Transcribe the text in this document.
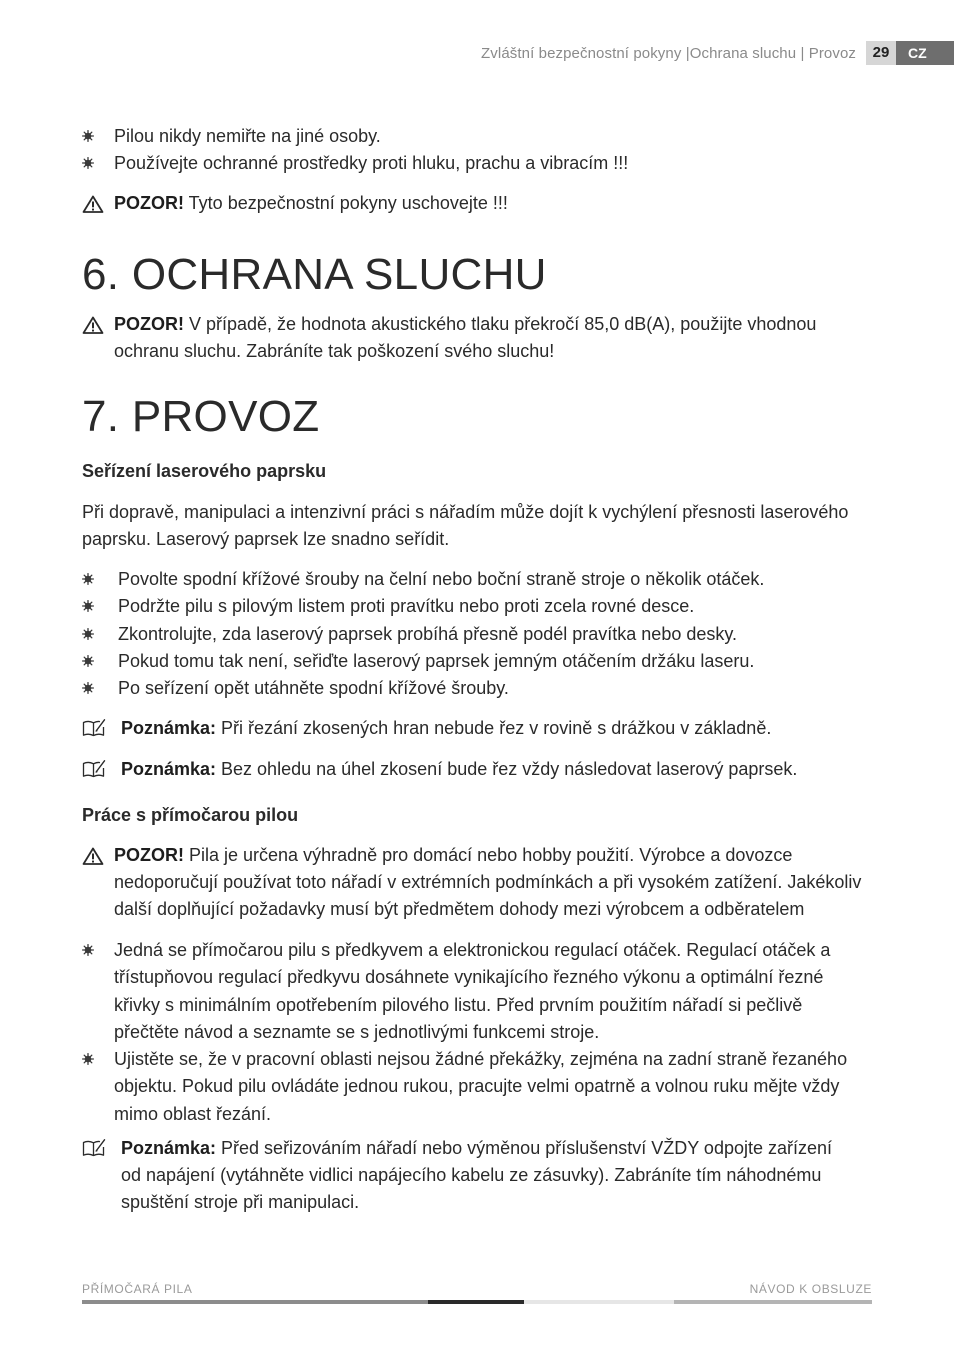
Zvláštní bezpečnostní pokyny |Ochrana sluchu | Provoz	29	CZ
Pilou nikdy nemiřte na jiné osoby.
Používejte ochranné prostředky proti hluku, prachu a vibracím !!!
POZOR! Tyto bezpečnostní pokyny uschovejte !!!
6. OCHRANA SLUCHU
POZOR! V případě, že hodnota akustického tlaku překročí 85,0 dB(A), použijte vhodnou
ochranu sluchu. Zabráníte tak poškození svého sluchu!
7. PROVOZ
Seřízení laserového paprsku
Při dopravě, manipulaci a intenzivní práci s nářadím může dojít k vychýlení přesnosti laserového
paprsku. Laserový paprsek lze snadno seřídit.
Povolte spodní křížové šrouby na čelní nebo boční straně stroje o několik otáček.
Podržte pilu s pilovým listem proti pravítku nebo proti zcela rovné desce.
Zkontrolujte, zda laserový paprsek probíhá přesně podél pravítka nebo desky.
Pokud tomu tak není, seřiďte laserový paprsek jemným otáčením držáku laseru.
Po seřízení opět utáhněte spodní křížové šrouby.
Poznámka: Při řezání zkosených hran nebude řez v rovině s drážkou v základně.
Poznámka: Bez ohledu na úhel zkosení bude řez vždy následovat laserový paprsek.
Práce s přímočarou pilou
POZOR! Pila je určena výhradně pro domácí nebo hobby použití. Výrobce a dovozce
nedoporučují používat toto nářadí v extrémních podmínkách a při vysokém zatížení. Jakékoliv
další doplňující požadavky musí být předmětem dohody mezi výrobcem a odběratelem
Jedná se přímočarou pilu s předkyvem a elektronickou regulací otáček. Regulací otáček a
třístupňovou regulací předkyvu dosáhnete vynikajícího řezného výkonu a optimální řezné
křivky s minimálním opotřebením pilového listu. Před prvním použitím nářadí si pečlivě
přečtěte návod a seznamte se s jednotlivými funkcemi stroje.
Ujistěte se, že v pracovní oblasti nejsou žádné překážky, zejména na zadní straně řezaného
objektu. Pokud pilu ovládáte jednou rukou, pracujte velmi opatrně a volnou ruku mějte vždy
mimo oblast řezání.
Poznámka: Před seřizováním nářadí nebo výměnou příslušenství VŽDY odpojte zařízení
od napájení (vytáhněte vidlici napájecího kabelu ze zásuvky). Zabráníte tím náhodnému
spuštění stroje při manipulaci.
PŘÍMOČARÁ PILA	NÁVOD K OBSLUZE
